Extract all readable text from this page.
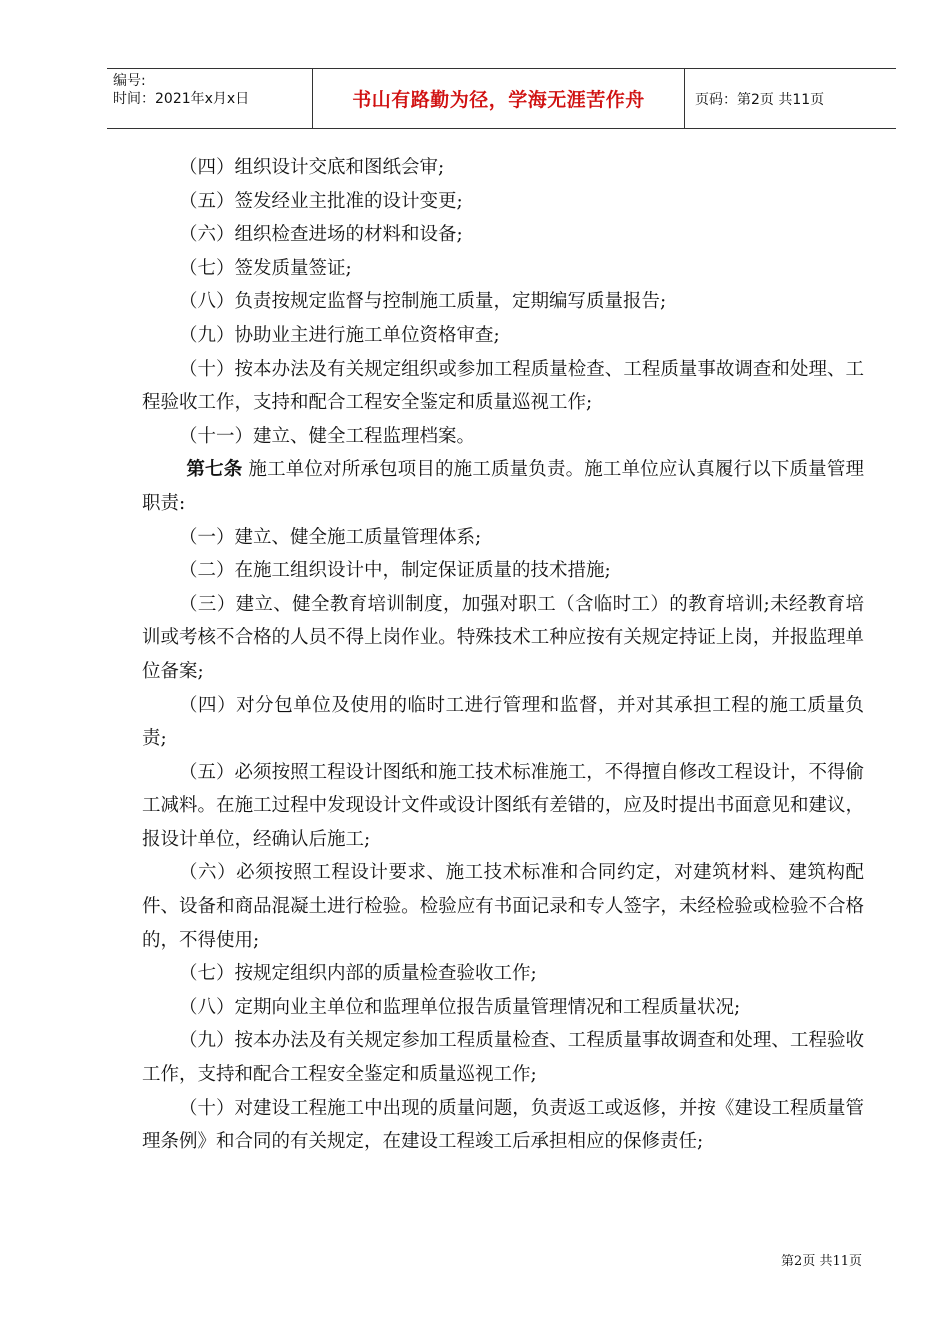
编号:
时间：2021年x月x日	书山有路勤为径，学海无涯苦作舟	页码：第2页 共11页

（四）组织设计交底和图纸会审;

（五）签发经业主批准的设计变更;

（六）组织检查进场的材料和设备;

（七）签发质量签证;

（八）负责按规定监督与控制施工质量，定期编写质量报告;

（九）协助业主进行施工单位资格审查;

（十）按本办法及有关规定组织或参加工程质量检查、工程质量事故调查和处理、工程验收工作，支持和配合工程安全鉴定和质量巡视工作;

（十一）建立、健全工程监理档案。

第七条 施工单位对所承包项目的施工质量负责。施工单位应认真履行以下质量管理职责:

（一）建立、健全施工质量管理体系;

（二）在施工组织设计中，制定保证质量的技术措施;

（三）建立、健全教育培训制度，加强对职工（含临时工）的教育培训;未经教育培训或考核不合格的人员不得上岗作业。特殊技术工种应按有关规定持证上岗，并报监理单位备案;

（四）对分包单位及使用的临时工进行管理和监督，并对其承担工程的施工质量负责;

（五）必须按照工程设计图纸和施工技术标准施工，不得擅自修改工程设计，不得偷工减料。在施工过程中发现设计文件或设计图纸有差错的，应及时提出书面意见和建议，报设计单位，经确认后施工;

（六）必须按照工程设计要求、施工技术标准和合同约定，对建筑材料、建筑构配件、设备和商品混凝土进行检验。检验应有书面记录和专人签字，未经检验或检验不合格的，不得使用;

（七）按规定组织内部的质量检查验收工作;

（八）定期向业主单位和监理单位报告质量管理情况和工程质量状况;

（九）按本办法及有关规定参加工程质量检查、工程质量事故调查和处理、工程验收工作，支持和配合工程安全鉴定和质量巡视工作;

（十）对建设工程施工中出现的质量问题，负责返工或返修，并按《建设工程质量管理条例》和合同的有关规定，在建设工程竣工后承担相应的保修责任;

第2页 共11页
